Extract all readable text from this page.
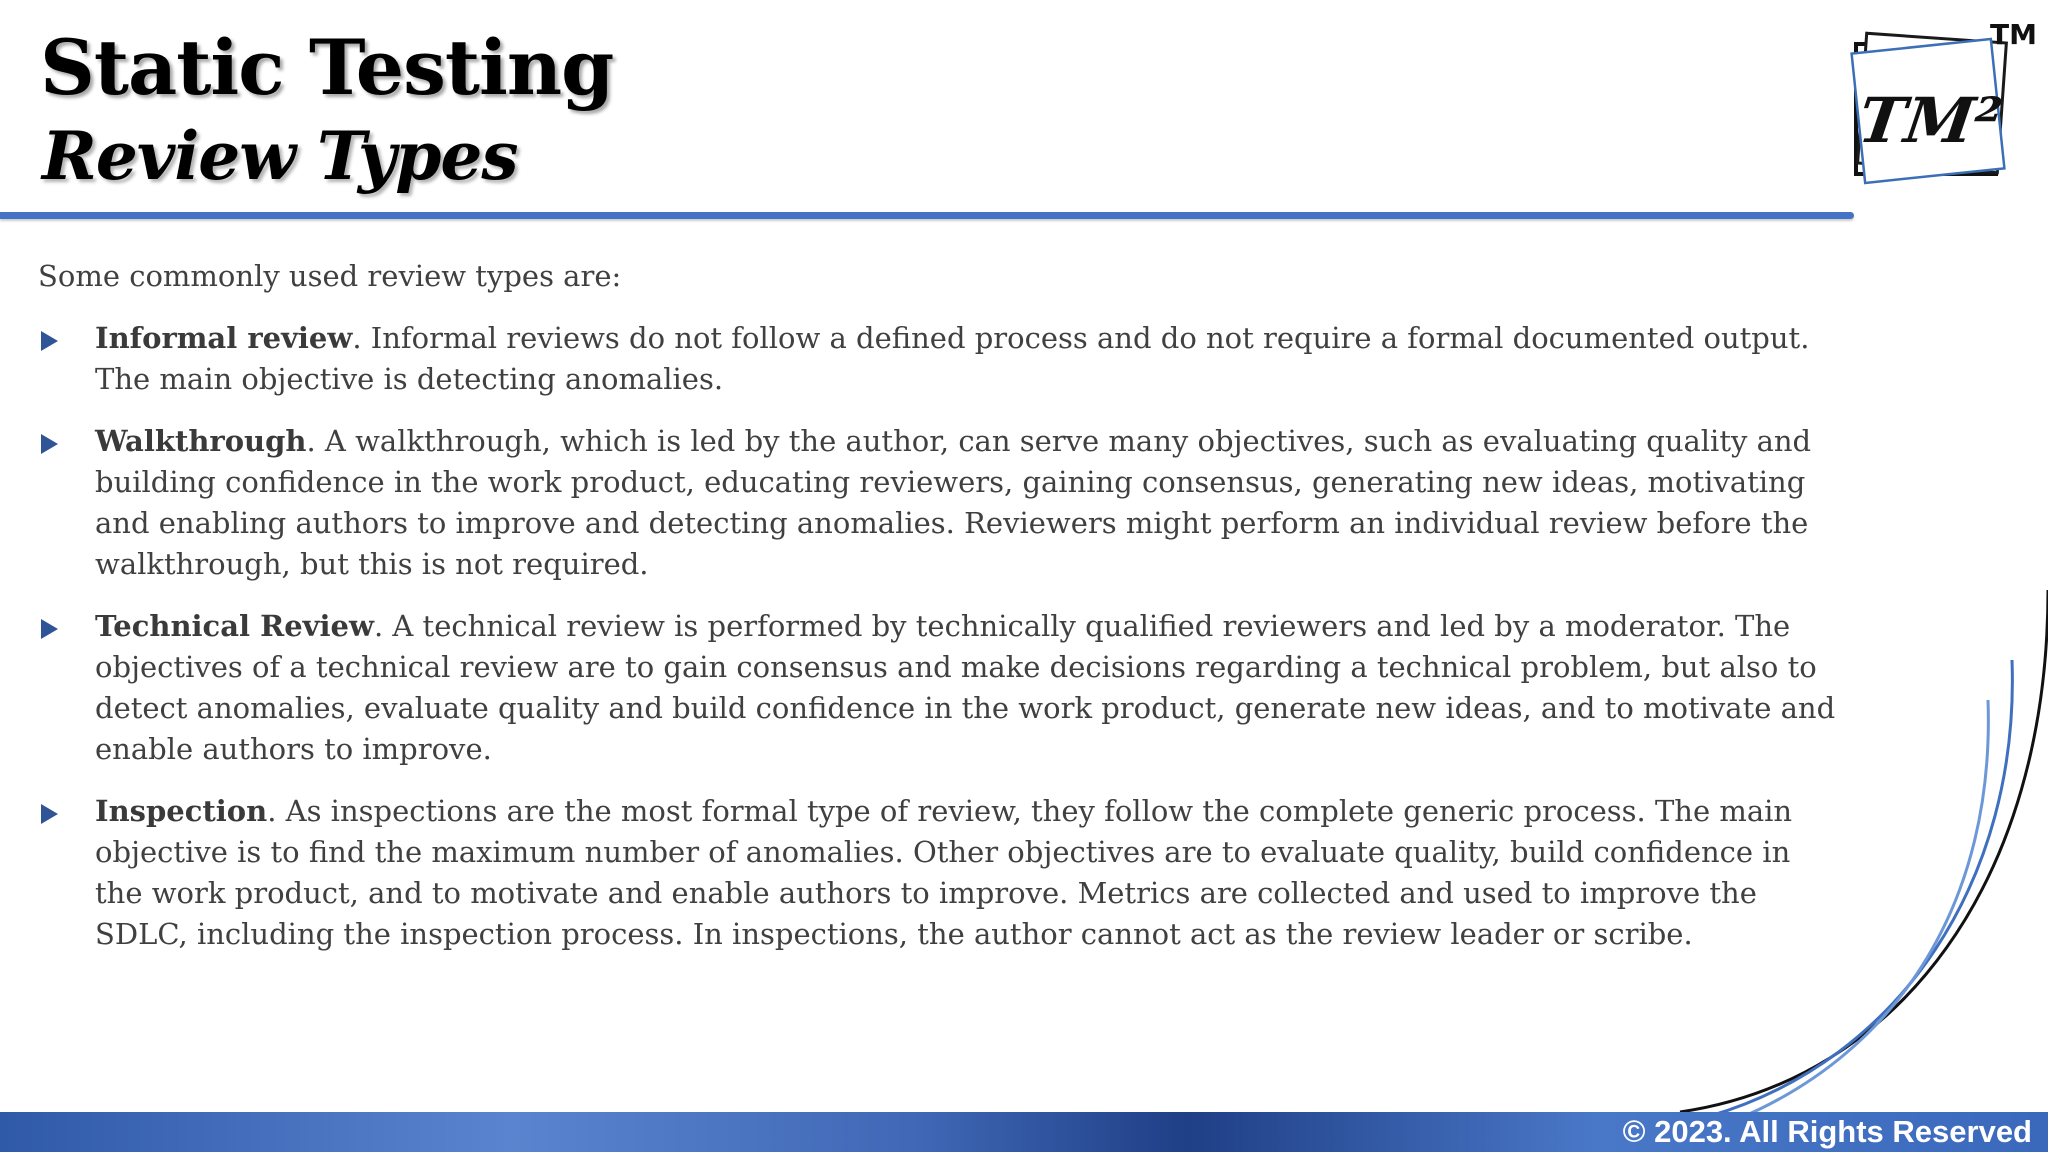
Static Testing
Review Types	TM²
TM

Some commonly used review types are:

Informal review. Informal reviews do not follow a defined process and do not require a formal documented output. The main objective is detecting anomalies.
Walkthrough. A walkthrough, which is led by the author, can serve many objectives, such as evaluating quality and building confidence in the work product, educating reviewers, gaining consensus, generating new ideas, motivating and enabling authors to improve and detecting anomalies. Reviewers might perform an individual review before the walkthrough, but this is not required.
Technical Review. A technical review is performed by technically qualified reviewers and led by a moderator. The objectives of a technical review are to gain consensus and make decisions regarding a technical problem, but also to detect anomalies, evaluate quality and build confidence in the work product, generate new ideas, and to motivate and enable authors to improve.
Inspection. As inspections are the most formal type of review, they follow the complete generic process. The main objective is to find the maximum number of anomalies. Other objectives are to evaluate quality, build confidence in the work product, and to motivate and enable authors to improve. Metrics are collected and used to improve the SDLC, including the inspection process. In inspections, the author cannot act as the review leader or scribe.
© 2023. All Rights Reserved
